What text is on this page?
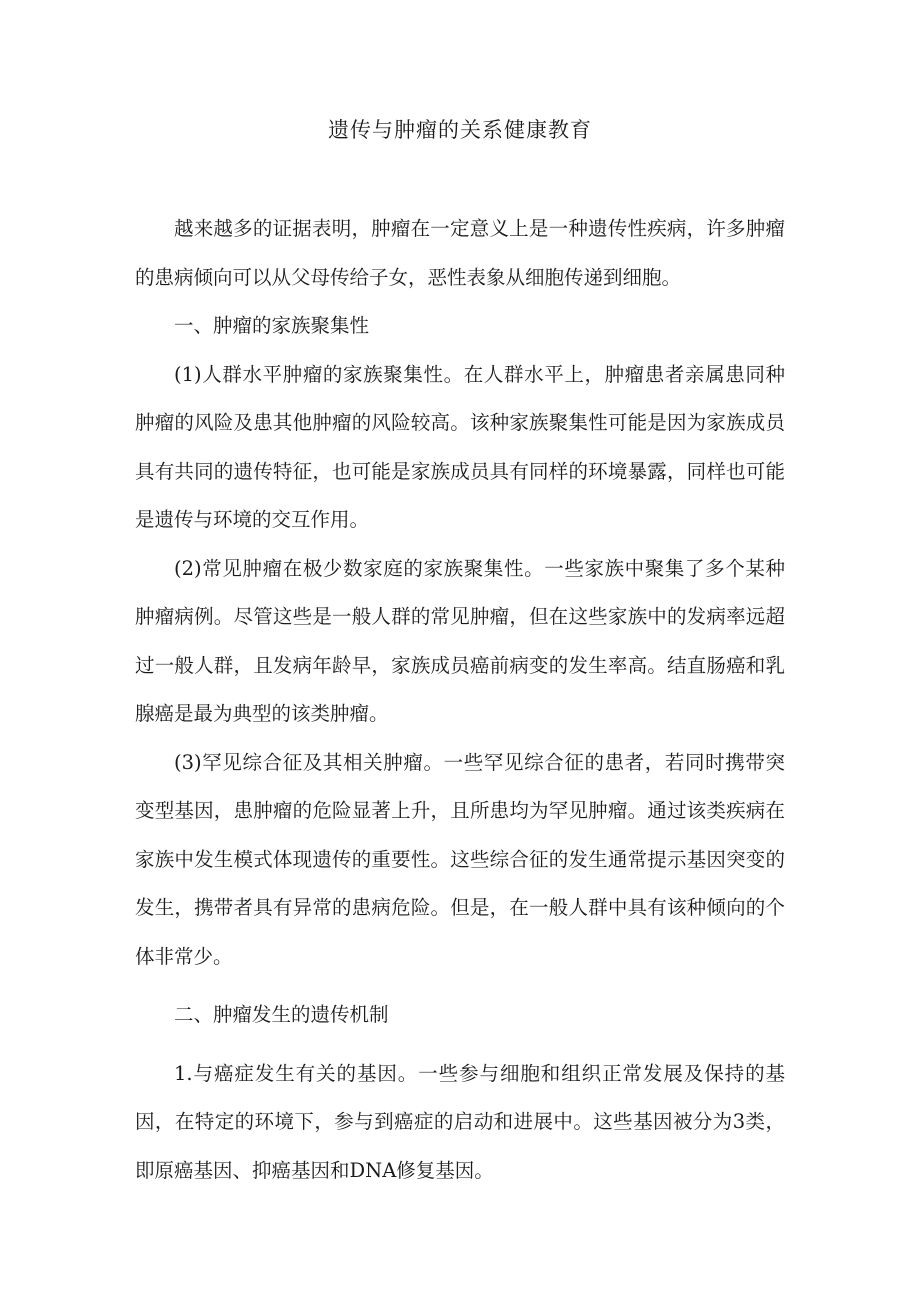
遗传与肿瘤的关系健康教育

越来越多的证据表明，肿瘤在一定意义上是一种遗传性疾病，许多肿瘤的患病倾向可以从父母传给子女，恶性表象从细胞传递到细胞。

一、肿瘤的家族聚集性

(1)人群水平肿瘤的家族聚集性。在人群水平上，肿瘤患者亲属患同种肿瘤的风险及患其他肿瘤的风险较高。该种家族聚集性可能是因为家族成员具有共同的遗传特征，也可能是家族成员具有同样的环境暴露，同样也可能是遗传与环境的交互作用。

(2)常见肿瘤在极少数家庭的家族聚集性。一些家族中聚集了多个某种肿瘤病例。尽管这些是一般人群的常见肿瘤，但在这些家族中的发病率远超过一般人群，且发病年龄早，家族成员癌前病变的发生率高。结直肠癌和乳腺癌是最为典型的该类肿瘤。

(3)罕见综合征及其相关肿瘤。一些罕见综合征的患者，若同时携带突变型基因，患肿瘤的危险显著上升，且所患均为罕见肿瘤。通过该类疾病在家族中发生模式体现遗传的重要性。这些综合征的发生通常提示基因突变的发生，携带者具有异常的患病危险。但是，在一般人群中具有该种倾向的个体非常少。

二、肿瘤发生的遗传机制

1.与癌症发生有关的基因。一些参与细胞和组织正常发展及保持的基因，在特定的环境下，参与到癌症的启动和进展中。这些基因被分为3类，即原癌基因、抑癌基因和DNA修复基因。
